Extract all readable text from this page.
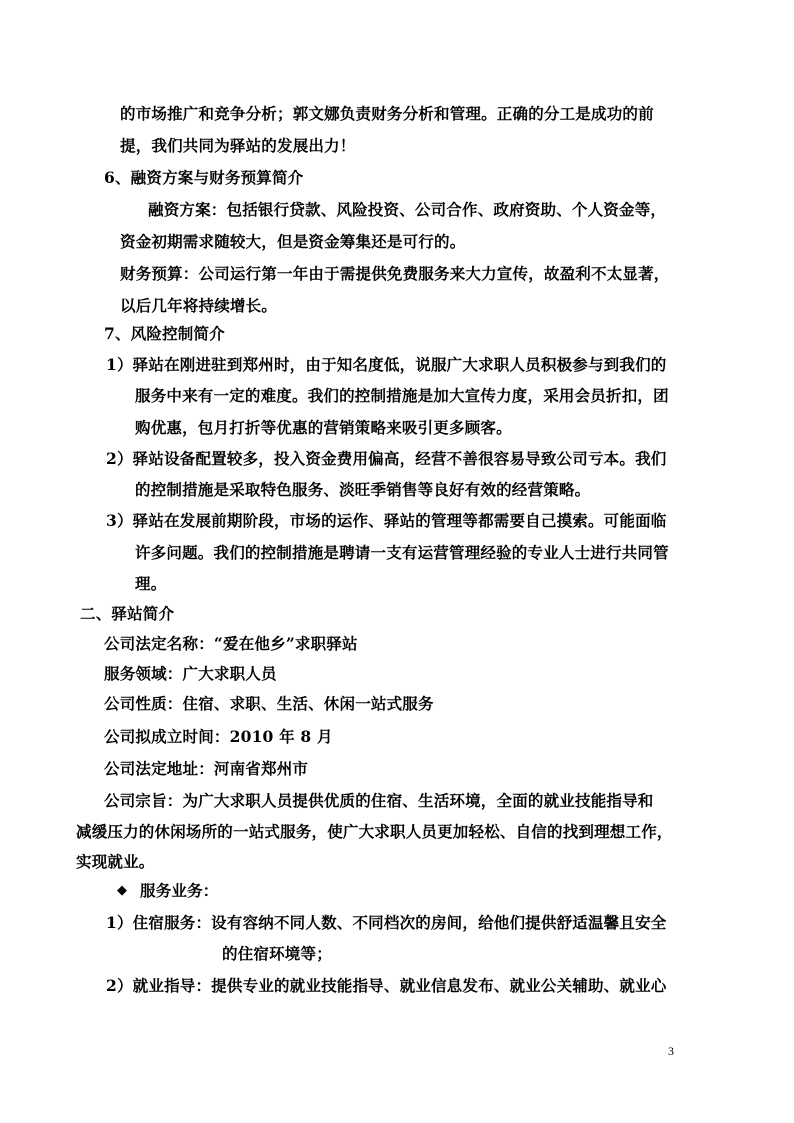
的市场推广和竞争分析；郭文娜负责财务分析和管理。正确的分工是成功的前
提，我们共同为驿站的发展出力！
6、融资方案与财务预算简介
融资方案：包括银行贷款、风险投资、公司合作、政府资助、个人资金等，
资金初期需求随较大，但是资金筹集还是可行的。
财务预算：公司运行第一年由于需提供免费服务来大力宣传，故盈利不太显著，
以后几年将持续增长。
7、风险控制简介
1）驿站在刚进驻到郑州时，由于知名度低，说服广大求职人员积极参与到我们的
服务中来有一定的难度。我们的控制措施是加大宣传力度，采用会员折扣，团
购优惠，包月打折等优惠的营销策略来吸引更多顾客。
2）驿站设备配置较多，投入资金费用偏高，经营不善很容易导致公司亏本。我们
的控制措施是采取特色服务、淡旺季销售等良好有效的经营策略。
3）驿站在发展前期阶段，市场的运作、驿站的管理等都需要自己摸索。可能面临
许多问题。我们的控制措施是聘请一支有运营管理经验的专业人士进行共同管
理。
二、驿站简介
公司法定名称：“爱在他乡”求职驿站
服务领域：广大求职人员
公司性质：住宿、求职、生活、休闲一站式服务
公司拟成立时间：2010 年 8 月
公司法定地址：河南省郑州市
公司宗旨：为广大求职人员提供优质的住宿、生活环境，全面的就业技能指导和
减缓压力的休闲场所的一站式服务，使广大求职人员更加轻松、自信的找到理想工作，
实现就业。
◆ 服务业务：
1）住宿服务：设有容纳不同人数、不同档次的房间，给他们提供舒适温馨且安全
的住宿环境等；
2）就业指导：提供专业的就业技能指导、就业信息发布、就业公关辅助、就业心
3
